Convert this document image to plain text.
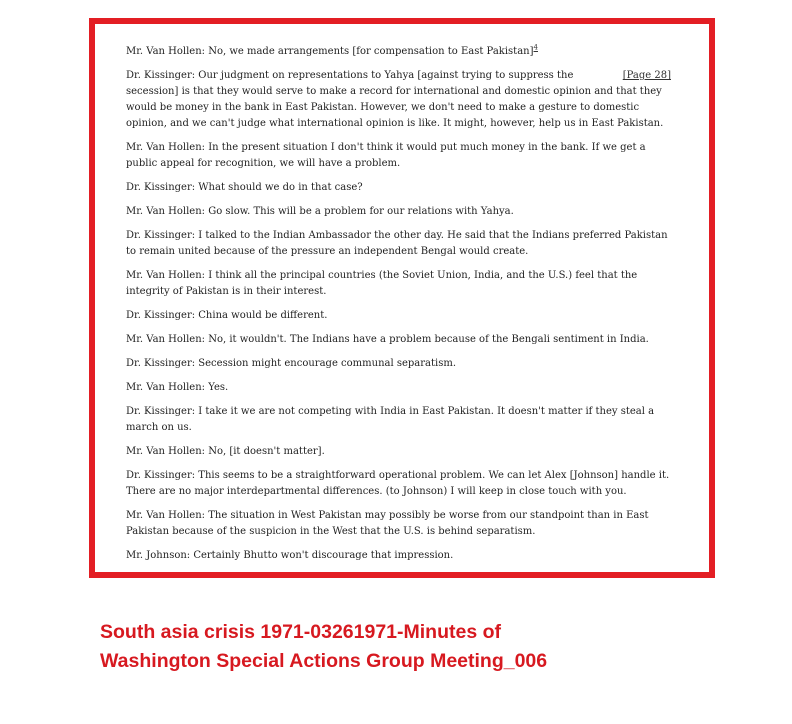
Mr. Van Hollen: No, we made arrangements [for compensation to East Pakistan]$^4$

[Page 28]
Dr. Kissinger: Our judgment on representations to Yahya [against trying to suppress the secession] is that they would serve to make a record for international and domestic opinion and that they would be money in the bank in East Pakistan. However, we don't need to make a gesture to domestic opinion, and we can't judge what international opinion is like. It might, however, help us in East Pakistan.

Mr. Van Hollen: In the present situation I don't think it would put much money in the bank. If we get a public appeal for recognition, we will have a problem.

Dr. Kissinger: What should we do in that case?

Mr. Van Hollen: Go slow. This will be a problem for our relations with Yahya.

Dr. Kissinger: I talked to the Indian Ambassador the other day. He said that the Indians preferred Pakistan to remain united because of the pressure an independent Bengal would create.

Mr. Van Hollen: I think all the principal countries (the Soviet Union, India, and the U.S.) feel that the integrity of Pakistan is in their interest.

Dr. Kissinger: China would be different.

Mr. Van Hollen: No, it wouldn't. The Indians have a problem because of the Bengali sentiment in India.

Dr. Kissinger: Secession might encourage communal separatism.

Mr. Van Hollen: Yes.

Dr. Kissinger: I take it we are not competing with India in East Pakistan. It doesn't matter if they steal a march on us.

Mr. Van Hollen: No, [it doesn't matter].

Dr. Kissinger: This seems to be a straightforward operational problem. We can let Alex [Johnson] handle it. There are no major interdepartmental differences. (to Johnson) I will keep in close touch with you.

Mr. Van Hollen: The situation in West Pakistan may possibly be worse from our standpoint than in East Pakistan because of the suspicion in the West that the U.S. is behind separatism.

Mr. Johnson: Certainly Bhutto won't discourage that impression.

South asia crisis 1971-03261971-Minutes of
Washington Special Actions Group Meeting_006
